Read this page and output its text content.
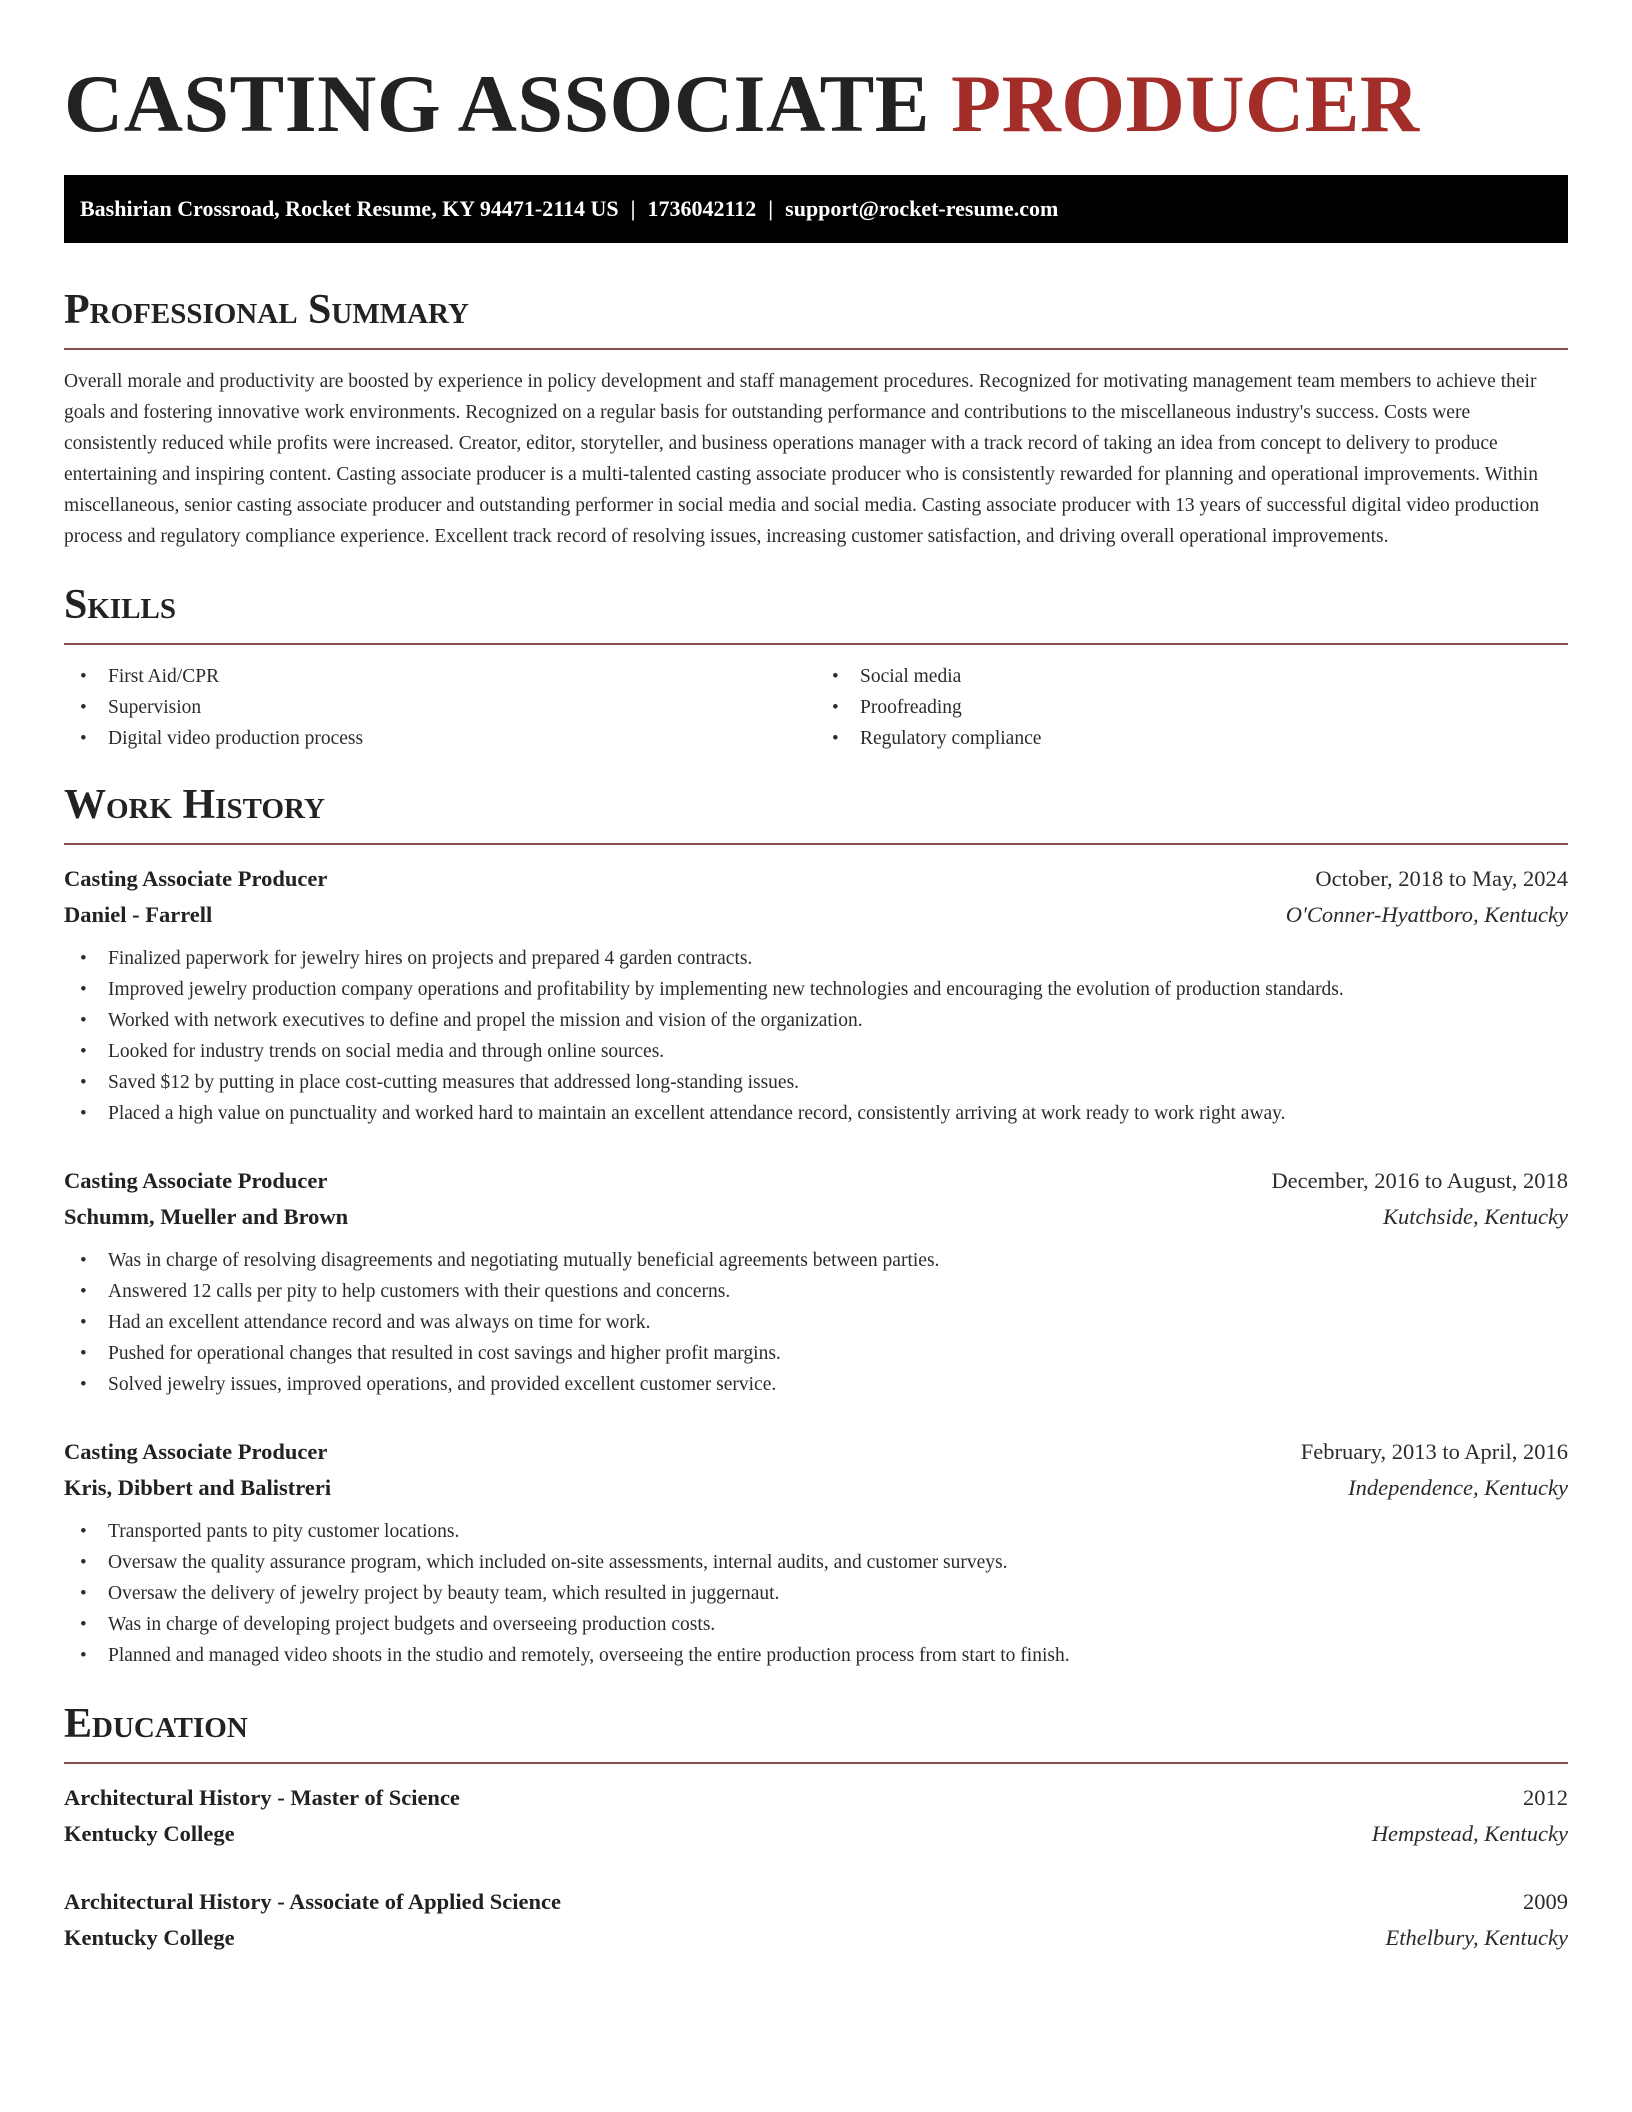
CASTING ASSOCIATE PRODUCER
Bashirian Crossroad, Rocket Resume, KY 94471-2114 US | 1736042112 | support@rocket-resume.com
Professional Summary

Overall morale and productivity are boosted by experience in policy development and staff management procedures. Recognized for motivating management team members to achieve their goals and fostering innovative work environments. Recognized on a regular basis for outstanding performance and contributions to the miscellaneous industry's success. Costs were consistently reduced while profits were increased. Creator, editor, storyteller, and business operations manager with a track record of taking an idea from concept to delivery to produce entertaining and inspiring content. Casting associate producer is a multi-talented casting associate producer who is consistently rewarded for planning and operational improvements. Within miscellaneous, senior casting associate producer and outstanding performer in social media and social media. Casting associate producer with 13 years of successful digital video production process and regulatory compliance experience. Excellent track record of resolving issues, increasing customer satisfaction, and driving overall operational improvements.

Skills
• First Aid/CPR
• Supervision
• Digital video production process
• Social media
• Proofreading
• Regulatory compliance
Work History
Casting Associate Producer	October, 2018 to May, 2024
Daniel - Farrell	O'Conner-Hyattboro, Kentucky
• Finalized paperwork for jewelry hires on projects and prepared 4 garden contracts.
• Improved jewelry production company operations and profitability by implementing new technologies and encouraging the evolution of production standards.
• Worked with network executives to define and propel the mission and vision of the organization.
• Looked for industry trends on social media and through online sources.
• Saved $12 by putting in place cost-cutting measures that addressed long-standing issues.
• Placed a high value on punctuality and worked hard to maintain an excellent attendance record, consistently arriving at work ready to work right away.
Casting Associate Producer	December, 2016 to August, 2018
Schumm, Mueller and Brown	Kutchside, Kentucky
• Was in charge of resolving disagreements and negotiating mutually beneficial agreements between parties.
• Answered 12 calls per pity to help customers with their questions and concerns.
• Had an excellent attendance record and was always on time for work.
• Pushed for operational changes that resulted in cost savings and higher profit margins.
• Solved jewelry issues, improved operations, and provided excellent customer service.
Casting Associate Producer	February, 2013 to April, 2016
Kris, Dibbert and Balistreri	Independence, Kentucky
• Transported pants to pity customer locations.
• Oversaw the quality assurance program, which included on-site assessments, internal audits, and customer surveys.
• Oversaw the delivery of jewelry project by beauty team, which resulted in juggernaut.
• Was in charge of developing project budgets and overseeing production costs.
• Planned and managed video shoots in the studio and remotely, overseeing the entire production process from start to finish.
Education
Architectural History - Master of Science	2012
Kentucky College	Hempstead, Kentucky
Architectural History - Associate of Applied Science	2009
Kentucky College	Ethelbury, Kentucky
